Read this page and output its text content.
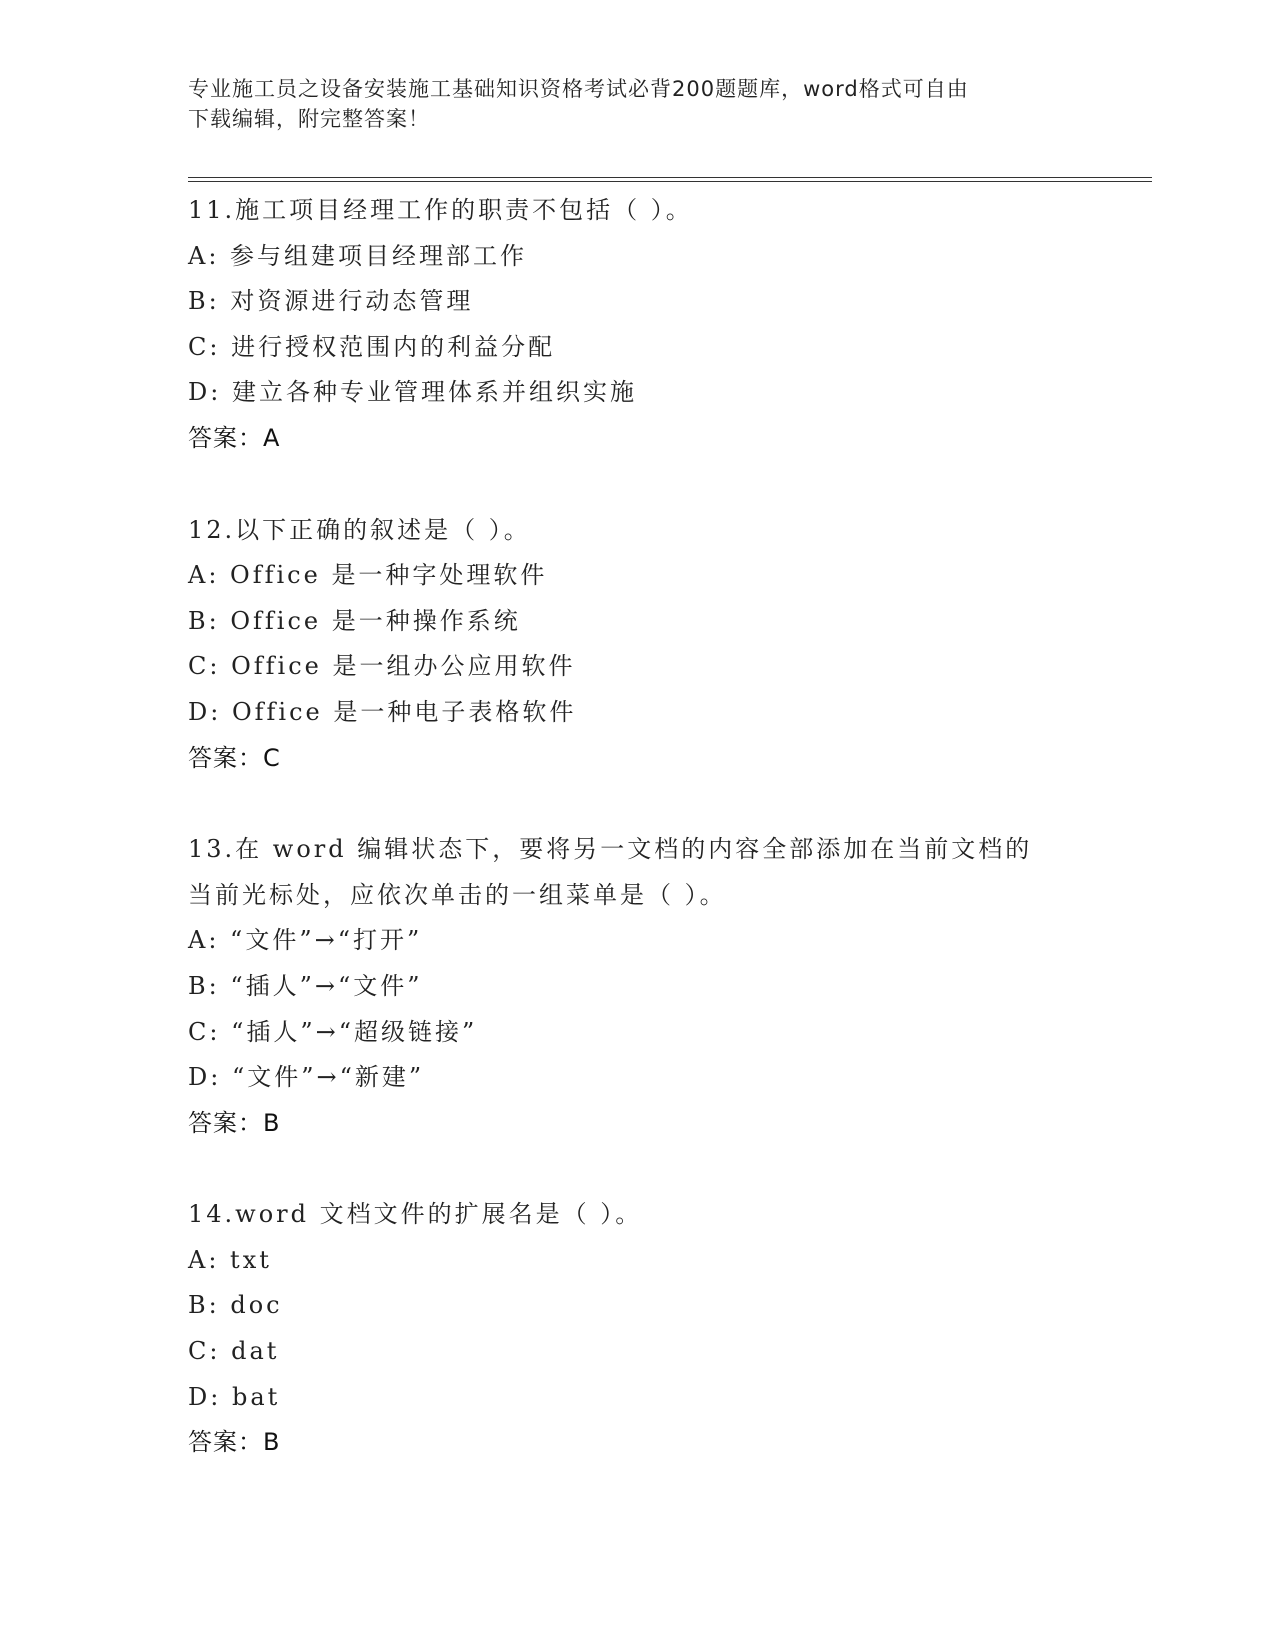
专业施工员之设备安装施工基础知识资格考试必背200题题库，word格式可自由
下载编辑，附完整答案！
11.施工项目经理工作的职责不包括（ ）。
A: 参与组建项目经理部工作
B: 对资源进行动态管理
C: 进行授权范围内的利益分配
D: 建立各种专业管理体系并组织实施
答案：A
12.以下正确的叙述是（ ）。
A: Office 是一种字处理软件
B: Office 是一种操作系统
C: Office 是一组办公应用软件
D: Office 是一种电子表格软件
答案：C
13.在 word 编辑状态下，要将另一文档的内容全部添加在当前文档的
当前光标处，应依次单击的一组菜单是（ ）。
A: “文件”→“打开”
B: “插人”→“文件”
C: “插人”→“超级链接”
D: “文件”→“新建”
答案：B
14.word 文档文件的扩展名是（ ）。
A: txt
B: doc
C: dat
D: bat
答案：B
